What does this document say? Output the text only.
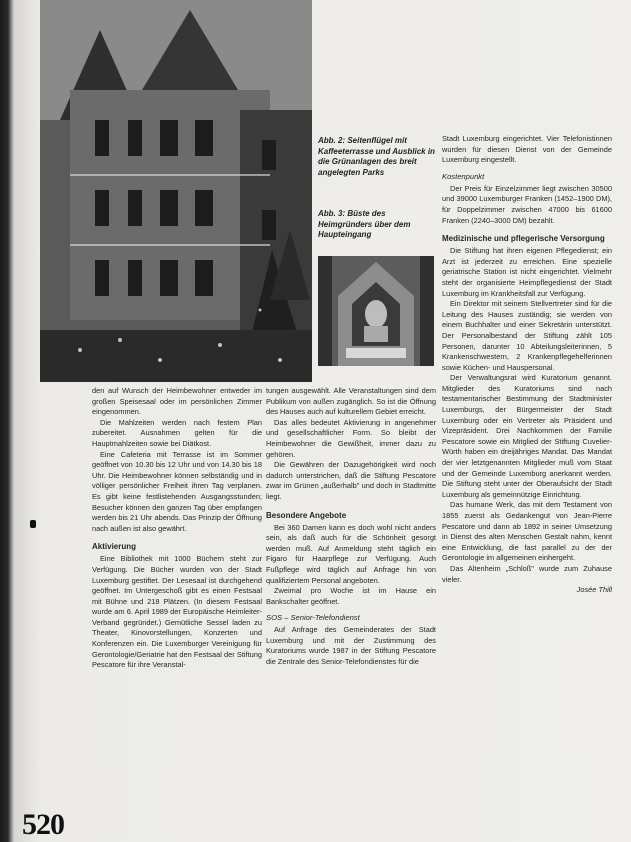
Abb. 2: Seitenflügel mit Kaffeeterrasse und Ausblick in die Grünanlagen des breit angelegten Parks
Abb. 3: Büste des Heimgründers über dem Haupteingang

den auf Wunsch der Heimbewohner entweder im großen Speisesaal oder im persönlichen Zimmer eingenommen.

Die Mahlzeiten werden nach festem Plan zubereitet. Ausnahmen gelten für die Hauptmahlzeiten sowie bei Diätkost.

Eine Cafeteria mit Terrasse ist im Sommer geöffnet von 10.30 bis 12 Uhr und von 14.30 bis 18 Uhr. Die Heimbewohner können selbständig und in völliger persönlicher Freiheit ihren Tag verplanen. Es gibt keine festlistehenden Ausgangsstunden; Besucher können den ganzen Tag über empfangen werden bis 21 Uhr abends. Das Prinzip der Öffnung nach außen ist also gewährt.

Aktivierung

Eine Bibliothek mit 1000 Büchern steht zur Verfügung. Die Bücher wurden von der Stadt Luxemburg gestiftet. Der Lesesaal ist durchgehend geöffnet. Im Untergeschoß gibt es einen Festsaal mit Bühne und 218 Plätzen. (In diesem Festsaal wurde am 6. April 1989 der Europäische Heimleiter-Verband gegründet.) Gemütliche Sessel laden zu Theater, Kinovorstellungen, Konzerten und Konferenzen ein. Die Luxemburger Vereinigung für Gerontologie/Geriatrie hat den Festsaal der Stiftung Pescatore für ihre Veranstal-

tungen ausgewählt. Alle Veranstaltungen sind dem Publikum von außen zugänglich. So ist die Öffnung des Hauses auch auf kulturellem Gebiet erreicht.

Das alles bedeutet Aktivierung in angenehmer und gesellschaftlicher Form. So bleibt der Heimbewohner die Gewißheit, immer dazu zu gehören.

Die Gewähren der Dazugehörigkeit wird noch dadurch unterstrichen, daß die Stiftung Pescatore zwar im Grünen „außerhalb" und doch in Stadtmitte liegt.

Besondere Angebote

Bei 360 Damen kann es doch wohl nicht anders sein, als daß auch für die Schönheit gesorgt werden muß. Auf Anmeldung steht täglich ein Figaro für Haarpflege zur Verfügung. Auch Fußpflege wird täglich auf Anfrage hin von qualifiziertem Personal angeboten.

Zweimal pro Woche ist im Hause ein Bankschalter geöffnet.

SOS – Senior-Telefondienst

Auf Anfrage des Gemeinderates der Stadt Luxemburg und mit der Zustimmung des Kuratoriums wurde 1987 in der Stiftung Pescatore die Zentrale des Senior-Telefondienstes für die

Stadt Luxemburg eingerichtet. Vier Telefonistinnen wurden für diesen Dienst von der Gemeinde Luxemburg eingestellt.

Kostenpunkt

Der Preis für Einzelzimmer liegt zwischen 30500 und 39000 Luxemburger Franken (1452–1900 DM), für Doppelzimmer zwischen 47000 bis 61600 Franken (2240–3000 DM) bezahlt.

Medizinische und pflegerische Versorgung

Die Stiftung hat ihren eigenen Pflegedienst; ein Arzt ist jederzeit zu erreichen. Eine spezielle geriatrische Station ist nicht eingerichtet. Vielmehr steht der organisierte Heimpflegedienst der Stadt Luxemburg im Krankheitsfall zur Verfügung.

Ein Direktor mit seinem Stellvertreter sind für die Leitung des Hauses zuständig; sie werden von einem Buchhalter und einer Sekretärin unterstützt. Der Personalbestand der Stiftung zählt 105 Personen, darunter 10 Abteilungsleiterinnen, 5 Krankenschwestern, 2 Krankenpflegehelferinnen sowie Küchen- und Hauspersonal.

Der Verwaltungsrat wird Kuratorium genannt. Mitglieder des Kuratoriums sind nach testamentarischer Bestimmung der Stadtminister Luxemburgs, der Bürgermeister der Stadt Luxemburg oder ein Vertreter als Präsident und Vizepräsident. Drei Nachkommen der Familie Pescatore sowie ein Mitglied der Stiftung Cuvelier-Würth haben ein dreijähriges Mandat. Das Mandat der vier letztgenannten Mitglieder muß vom Staat und der Gemeinde Luxemburg anerkannt werden. Die Stiftung steht unter der Oberaufsicht der Stadt Luxemburg als gemeinnützige Einrichtung.

Das humane Werk, das mit dem Testament von 1855 zuerst als Gedankengut von Jean-Pierre Pescatore und dann ab 1892 in seiner Umsetzung in Dienst des alten Menschen Gestalt nahm, kennt eine Entwicklung, die fast parallel zu der der Gerontologie im allgemeinen einhergeht.

Das Altenheim „Schloß" wurde zum Zuhause vieler.

Josée Thill
520
